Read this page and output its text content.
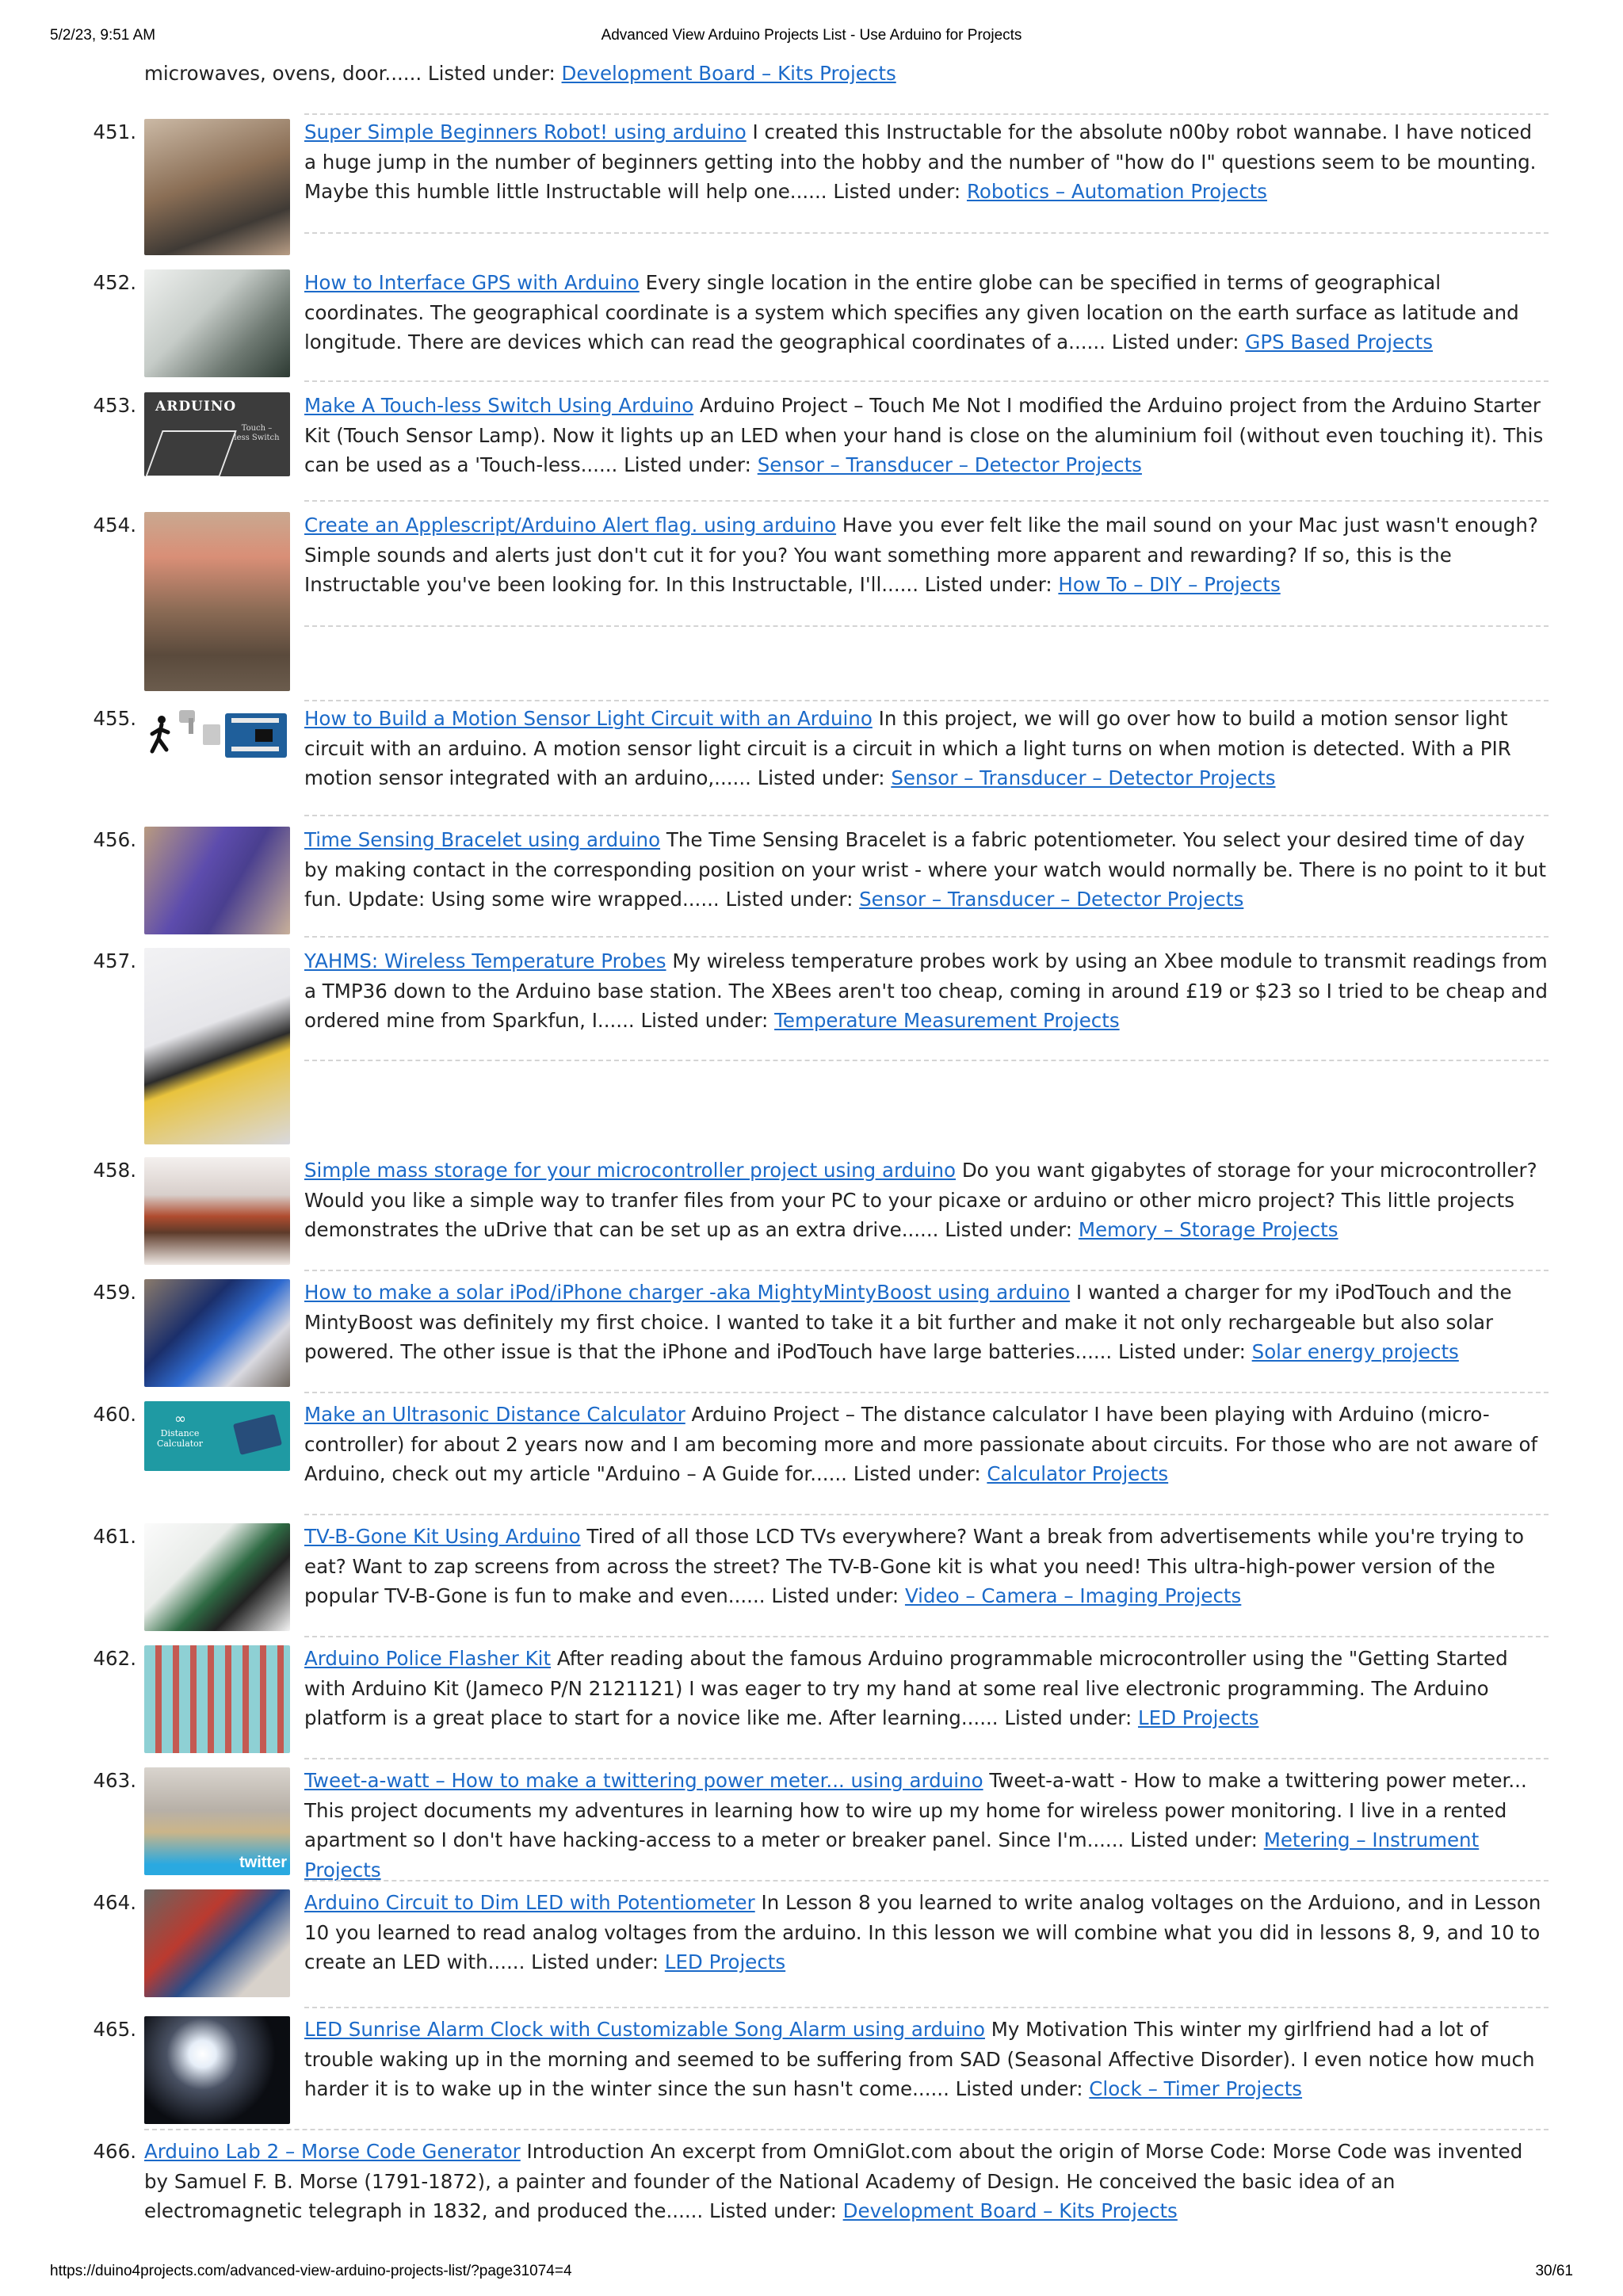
5/2/23, 9:51 AM	Advanced View Arduino Projects List - Use Arduino for Projects
microwaves, ovens, door...... Listed under: Development Board – Kits Projects
451.	Super Simple Beginners Robot! using arduino I created this Instructable for the absolute n00by robot wannabe. I have noticed a huge jump in the number of beginners getting into the hobby and the number of "how do I" questions seem to be mounting. Maybe this humble little Instructable will help one...... Listed under: Robotics – Automation Projects
452.	How to Interface GPS with Arduino Every single location in the entire globe can be specified in terms of geographical coordinates. The geographical coordinate is a system which specifies any given location on the earth surface as latitude and longitude. There are devices which can read the geographical coordinates of a...... Listed under: GPS Based Projects
453. ARDUINO
Touch – less Switch
Make A Touch-less Switch Using Arduino Arduino Project – Touch Me Not I modified the Arduino project from the Arduino Starter Kit (Touch Sensor Lamp). Now it lights up an LED when your hand is close on the aluminium foil (without even touching it). This can be used as a 'Touch-less...... Listed under: Sensor – Transducer – Detector Projects
454.	Create an Applescript/Arduino Alert flag. using arduino Have you ever felt like the mail sound on your Mac just wasn't enough? Simple sounds and alerts just don't cut it for you? You want something more apparent and rewarding? If so, this is the Instructable you've been looking for. In this Instructable, I'll...... Listed under: How To – DIY – Projects
455.	How to Build a Motion Sensor Light Circuit with an Arduino In this project, we will go over how to build a motion sensor light circuit with an arduino. A motion sensor light circuit is a circuit in which a light turns on when motion is detected. With a PIR motion sensor integrated with an arduino,...... Listed under: Sensor – Transducer – Detector Projects
456.	Time Sensing Bracelet using arduino The Time Sensing Bracelet is a fabric potentiometer. You select your desired time of day by making contact in the corresponding position on your wrist - where your watch would normally be. There is no point to it but fun. Update: Using some wire wrapped...... Listed under: Sensor – Transducer – Detector Projects
457.	YAHMS: Wireless Temperature Probes My wireless temperature probes work by using an Xbee module to transmit readings from a TMP36 down to the Arduino base station. The XBees aren't too cheap, coming in around £19 or $23 so I tried to be cheap and ordered mine from Sparkfun, I...... Listed under: Temperature Measurement Projects
458.	Simple mass storage for your microcontroller project using arduino Do you want gigabytes of storage for your microcontroller? Would you like a simple way to tranfer files from your PC to your picaxe or arduino or other micro project? This little projects demonstrates the uDrive that can be set up as an extra drive...... Listed under: Memory – Storage Projects
459.	How to make a solar iPod/iPhone charger -aka MightyMintyBoost using arduino I wanted a charger for my iPodTouch and the MintyBoost was definitely my first choice. I wanted to take it a bit further and make it not only rechargeable but also solar powered. The other issue is that the iPhone and iPodTouch have large batteries...... Listed under: Solar energy projects
460.	∞
Distance Calculator
Make an Ultrasonic Distance Calculator Arduino Project – The distance calculator I have been playing with Arduino (micro-controller) for about 2 years now and I am becoming more and more passionate about circuits. For those who are not aware of Arduino, check out my article "Arduino – A Guide for...... Listed under: Calculator Projects
461.	TV-B-Gone Kit Using Arduino Tired of all those LCD TVs everywhere? Want a break from advertisements while you're trying to eat? Want to zap screens from across the street? The TV-B-Gone kit is what you need! This ultra-high-power version of the popular TV-B-Gone is fun to make and even...... Listed under: Video – Camera – Imaging Projects
462.	Arduino Police Flasher Kit After reading about the famous Arduino programmable microcontroller using the "Getting Started with Arduino Kit (Jameco P/N 2121121) I was eager to try my hand at some real live electronic programming. The Arduino platform is a great place to start for a novice like me. After learning...... Listed under: LED Projects
463.
twitter
Tweet-a-watt – How to make a twittering power meter... using arduino Tweet-a-watt - How to make a twittering power meter... This project documents my adventures in learning how to wire up my home for wireless power monitoring. I live in a rented apartment so I don't have hacking-access to a meter or breaker panel. Since I'm...... Listed under: Metering – Instrument Projects
464.	Arduino Circuit to Dim LED with Potentiometer In Lesson 8 you learned to write analog voltages on the Arduiono, and in Lesson 10 you learned to read analog voltages from the arduino. In this lesson we will combine what you did in lessons 8, 9, and 10 to create an LED with...... Listed under: LED Projects
465.	LED Sunrise Alarm Clock with Customizable Song Alarm using arduino My Motivation This winter my girlfriend had a lot of trouble waking up in the morning and seemed to be suffering from SAD (Seasonal Affective Disorder). I even notice how much harder it is to wake up in the winter since the sun hasn't come...... Listed under: Clock – Timer Projects
466. Arduino Lab 2 – Morse Code Generator Introduction An excerpt from OmniGlot.com about the origin of Morse Code: Morse Code was invented by Samuel F. B. Morse (1791-1872), a painter and founder of the National Academy of Design. He conceived the basic idea of an electromagnetic telegraph in 1832, and produced the...... Listed under: Development Board – Kits Projects
https://duino4projects.com/advanced-view-arduino-projects-list/?page31074=4	30/61
